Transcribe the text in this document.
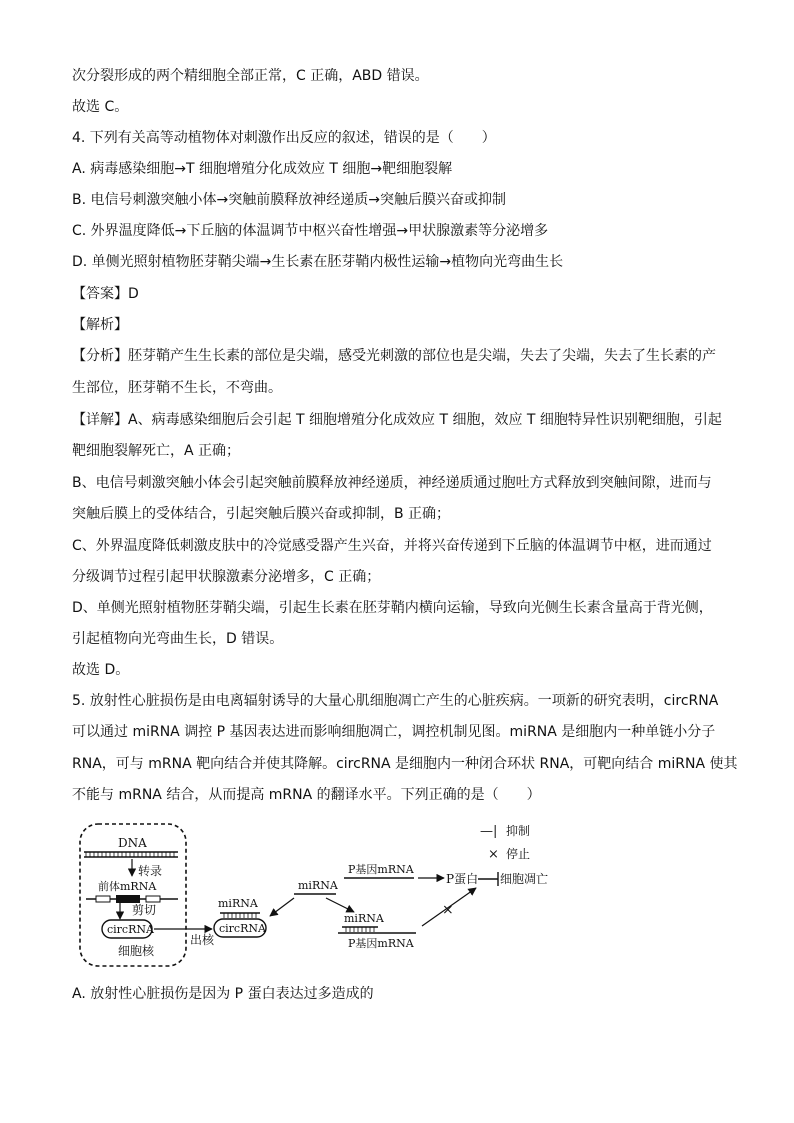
次分裂形成的两个精细胞全部正常，C 正确，ABD 错误。
故选 C。
4. 下列有关高等动植物体对刺激作出反应的叙述，错误的是（　　）
A. 病毒感染细胞→T 细胞增殖分化成效应 T 细胞→靶细胞裂解
B. 电信号刺激突触小体→突触前膜释放神经递质→突触后膜兴奋或抑制
C. 外界温度降低→下丘脑的体温调节中枢兴奋性增强→甲状腺激素等分泌增多
D. 单侧光照射植物胚芽鞘尖端→生长素在胚芽鞘内极性运输→植物向光弯曲生长
【答案】D
【解析】
【分析】胚芽鞘产生生长素的部位是尖端，感受光刺激的部位也是尖端，失去了尖端，失去了生长素的产
生部位，胚芽鞘不生长，不弯曲。
【详解】A、病毒感染细胞后会引起 T 细胞增殖分化成效应 T 细胞，效应 T 细胞特异性识别靶细胞，引起
靶细胞裂解死亡，A 正确；
B、电信号刺激突触小体会引起突触前膜释放神经递质，神经递质通过胞吐方式释放到突触间隙，进而与
突触后膜上的受体结合，引起突触后膜兴奋或抑制，B 正确；
C、外界温度降低刺激皮肤中的冷觉感受器产生兴奋，并将兴奋传递到下丘脑的体温调节中枢，进而通过
分级调节过程引起甲状腺激素分泌增多，C 正确；
D、单侧光照射植物胚芽鞘尖端，引起生长素在胚芽鞘内横向运输，导致向光侧生长素含量高于背光侧，
引起植物向光弯曲生长，D 错误。
故选 D。
5. 放射性心脏损伤是由电离辐射诱导的大量心肌细胞凋亡产生的心脏疾病。一项新的研究表明，circRNA
可以通过 miRNA 调控 P 基因表达进而影响细胞凋亡，调控机制见图。miRNA 是细胞内一种单链小分子
RNA，可与 mRNA 靶向结合并使其降解。circRNA 是细胞内一种闭合环状 RNA，可靶向结合 miRNA 使其
不能与 mRNA 结合，从而提高 mRNA 的翻译水平。下列正确的是（　　）
DNA
转录
前体mRNA
剪切
circRNA
细胞核
出核
miRNA
circRNA
miRNA
P基因mRNA
P蛋白 细胞凋亡
miRNA
P基因mRNA
×
—| 抑制
× 停止
A. 放射性心脏损伤是因为 P 蛋白表达过多造成的
